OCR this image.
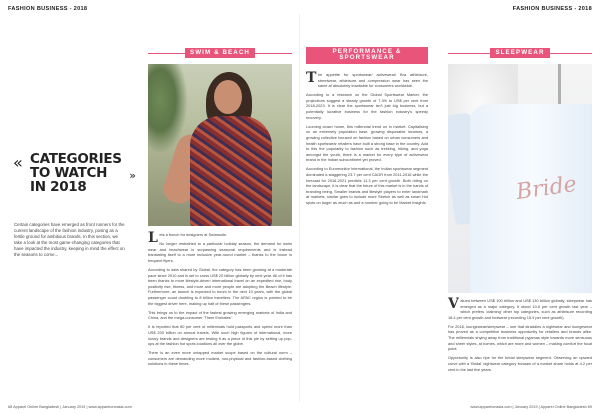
FASHION BUSINESS - 2018	FASHION BUSINESS - 2018
« CATEGORIES
TO WATCH
IN 2018
»
Certain categories have emerged as front runners for the current landscape of the fashion industry, posing as a fertile ground for ambitious brands. In this section, we take a look at the most game-changing categories that have impacted the industry, keeping in mind the effect on the seasons to come...
SWIM & BEACH

Lets a bunch for designers at Swimsuits.

No longer restrained to a particular holiday season, the demand for swim wear and beachwear is surpassing seasonal requirements and is instead translating itself to a more inclusive year-round market – thanks to the boom in frequent flyers.

According to data shared by Global, the category has been growing at a moderate pace since 2010 and is set to cross US$ 20 billion globally by next year. All of it has been thanks to more lifestyle-driven international travel on an expedited rise, body positivity rise, fitness, and more and more people are adopting the Beach lifestyle. Furthermore, an launch is expected to boom in the next 10 years, with the global passenger count doubling to 8 billion travellers. The APAC region is pointed to be the biggest driver here, making up half of these passengers.

This brings us to the impact of the fastest growing emerging markets of India and China, and the mega-consumer 'Them Emirates'.

It is reported that 80 per cent of millennials hold passports and spend more than US$ 200 billion on annual travels. With such high figures of international, more luxury brands and designers are testing it as a piece of this pie by setting up pop-ups at the fashion hot spots locations all over the globe.

There is an even more untapped market scope based on the cultural norm – consumers are demanding more modest, non-physical and fashion-based clothing solutions in these times.

PERFORMANCE & SPORTSWEAR

The appetite for sportswear/ activewear/ Bra athleisure, streetwear, athleisure and compression wear has seen the same at absolutely insatiable for consumers worldwide.

According to a research on the Global Sportswear Market, the projections suggest a steady growth of 7.3% to US$ per cent from 2018-2023. It is clear the sportswear isn't just big business, but a potentially lucrative business for the fashion industry's speedy recovery.

Looming closer home, this millennial trend on in market. Capitalising on an extremely population base, growing disposable incomes, a growing collective focused on fashion based on urban consumers and health sportswear retailers have built a strong base in the country. Add to this the popularity to fashion such as trekking, hiking, and yoga amongst the youth, there is a market for every type of activewear brand in the Indian subcontinent yet proved.

According to Euromonitor International, the Indian sportswear segment dominated a staggering 23.7 per cent CAGR from 2011-2016 while the forecast for 2016-2021 predicts 11.3 per cent growth. Both riding on the landscape, it is clear that the future of this market is in the hands of branding being. Smaller brands and lifestyle players to enter landmark at markets, similar goes to include more Stretch as well as smart Hot spots on larger as much as and a number going to be Market Insights.

SLEEPWEAR
Bride

Valued between US$ 100 billion and US$ 130 billion globally, sleepwear has emerged as a major category. It stood 10.6 per cent growth last year – which prefers 'claiming' other top categories, such as athleisure recording 18.4 per cent growth and footwear (recording 15.9 per cent growth).

For 2018, loungewear/sleepwear – one that straddles a nightwear and loungewear has proved as a competitive business opportunity for retailers and brands alike. The millennials shying away from traditional pyjamas style towards more sensuous and sheer styles, at homes, which are more and women – making comfort the focal point.

Opportunity is also ripe for the bridal sleepwear segment. Observing an upward curve with a 'Bridal' nightwear category focuses of a market share holds at 4.2 per cent in the last five years.

68 Apparel Online Bangladesh | January 2019 | www.appareloneasia.com	www.apparelonasia.com | January 2019 | Apparel Online Bangladesh 69
